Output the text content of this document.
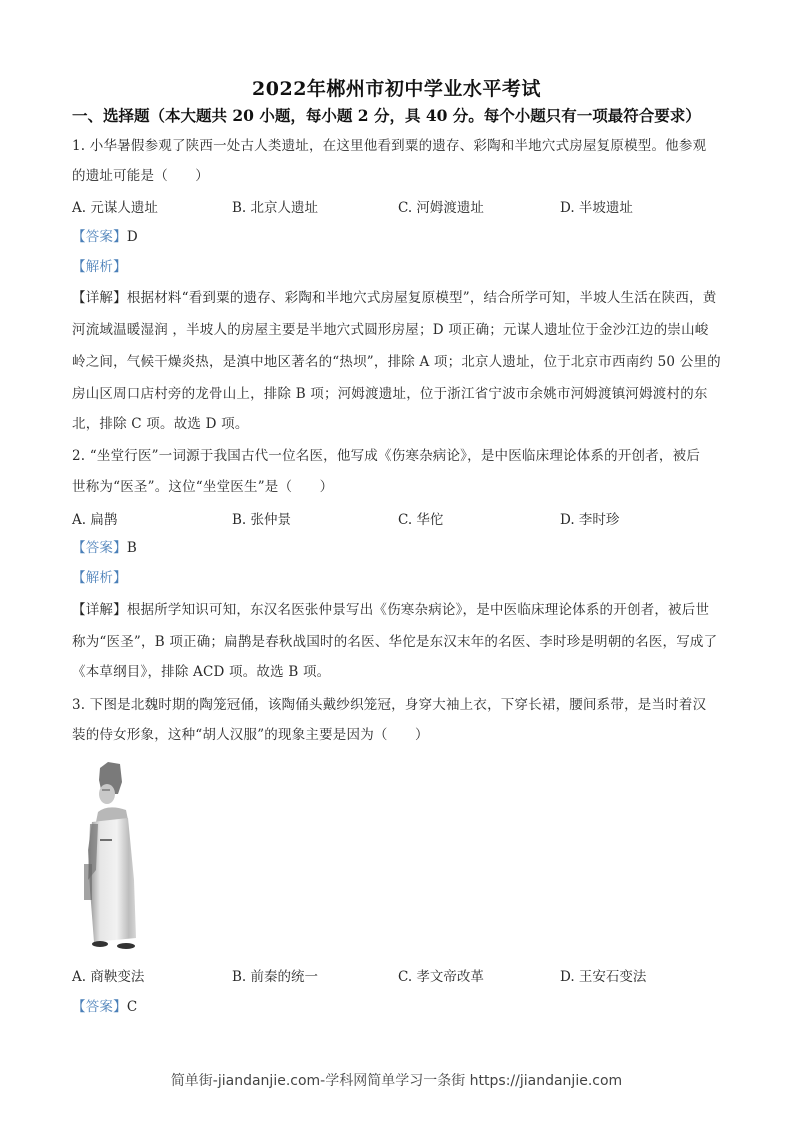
2022年郴州市初中学业水平考试
一、选择题（本大题共 20 小题，每小题 2 分，具 40 分。每个小题只有一项最符合要求）
1. 小华暑假参观了陕西一处古人类遗址，在这里他看到粟的遗存、彩陶和半地穴式房屋复原模型。他参观
的遗址可能是（　　）
A. 元谋人遗址	B. 北京人遗址	C. 河姆渡遗址	D. 半坡遗址
【答案】D
【解析】
【详解】根据材料“看到粟的遗存、彩陶和半地穴式房屋复原模型”，结合所学可知，半坡人生活在陕西，黄
河流域温暖湿润 ，半坡人的房屋主要是半地穴式圆形房屋；D 项正确；元谋人遗址位于金沙江边的崇山峻
岭之间，气候干燥炎热，是滇中地区著名的“热坝”，排除 A 项；北京人遗址，位于北京市西南约 50 公里的
房山区周口店村旁的龙骨山上，排除 B 项；河姆渡遗址，位于浙江省宁波市余姚市河姆渡镇河姆渡村的东
北，排除 C 项。故选 D 项。
2. “坐堂行医”一词源于我国古代一位名医，他写成《伤寒杂病论》，是中医临床理论体系的开创者，被后
世称为“医圣”。这位“坐堂医生”是（　　）
A. 扁鹊	B. 张仲景	C. 华佗	D. 李时珍
【答案】B
【解析】
【详解】根据所学知识可知，东汉名医张仲景写出《伤寒杂病论》，是中医临床理论体系的开创者，被后世
称为“医圣”，B 项正确；扁鹊是春秋战国时的名医、华佗是东汉末年的名医、李时珍是明朝的名医，写成了
《本草纲目》，排除 ACD 项。故选 B 项。
3. 下图是北魏时期的陶笼冠俑，该陶俑头戴纱织笼冠，身穿大袖上衣，下穿长裙，腰间系带，是当时着汉
装的侍女形象，这种“胡人汉服”的现象主要是因为（　　）
A. 商鞅变法	B. 前秦的统一	C. 孝文帝改革	D. 王安石变法
【答案】C
简单街-jiandanjie.com-学科网简单学习一条街 https://jiandanjie.com
